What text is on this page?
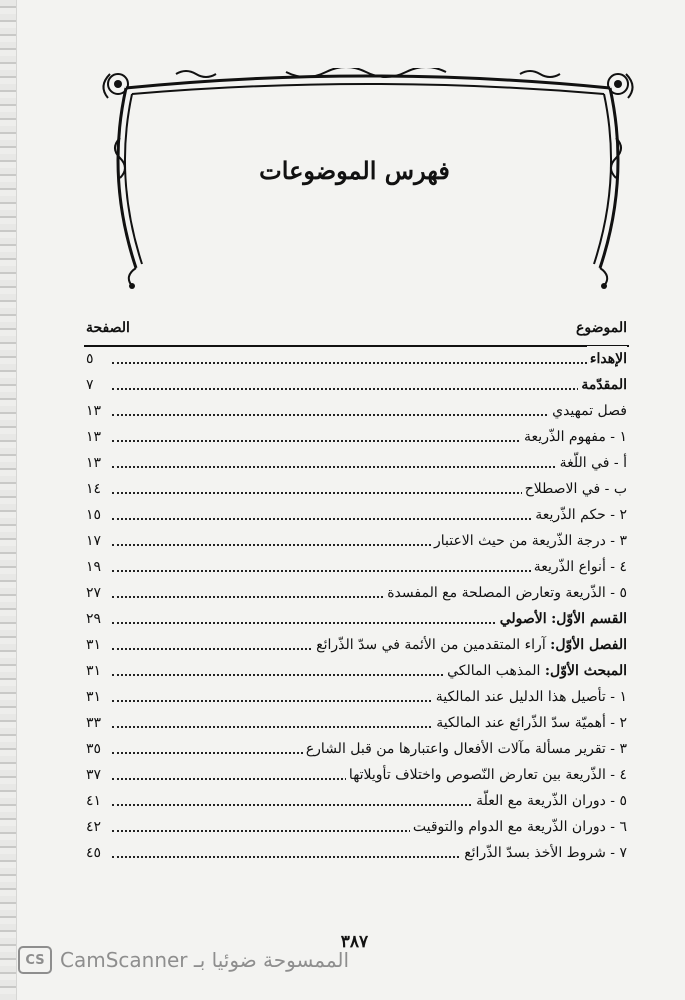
فهرس الموضوعات
الموضوع
الصفحة
الإهداء
٥
المقدّمة
٧
فصل تمهيدي
١٣
١ - مفهوم الذّريعة
١٣
أ - في اللّغة
١٣
ب - في الاصطلاح
١٤
٢ - حكم الذّريعة
١٥
٣ - درجة الذّريعة من حيث الاعتبار
١٧
٤ - أنواع الذّريعة
١٩
٥ - الذّريعة وتعارض المصلحة مع المفسدة
٢٧
القسم الأوّل: الأصولي
٢٩
الفصل الأوّل: آراء المتقدمين من الأئمة في سدّ الذّرائع
٣١
المبحث الأوّل: المذهب المالكي
٣١
١ - تأصيل هذا الدليل عند المالكية
٣١
٢ - أهميّة سدّ الذّرائع عند المالكية
٣٣
٣ - تقرير مسألة مآلات الأفعال واعتبارها من قبل الشارع
٣٥
٤ - الذّريعة بين تعارض النّصوص واختلاف تأويلاتها
٣٧
٥ - دوران الذّريعة مع العلّة
٤١
٦ - دوران الذّريعة مع الدوام والتوقيت
٤٢
٧ - شروط الأخذ بسدّ الذّرائع
٤٥
٣٨٧
CS CamScanner الممسوحة ضوئيا بـ
